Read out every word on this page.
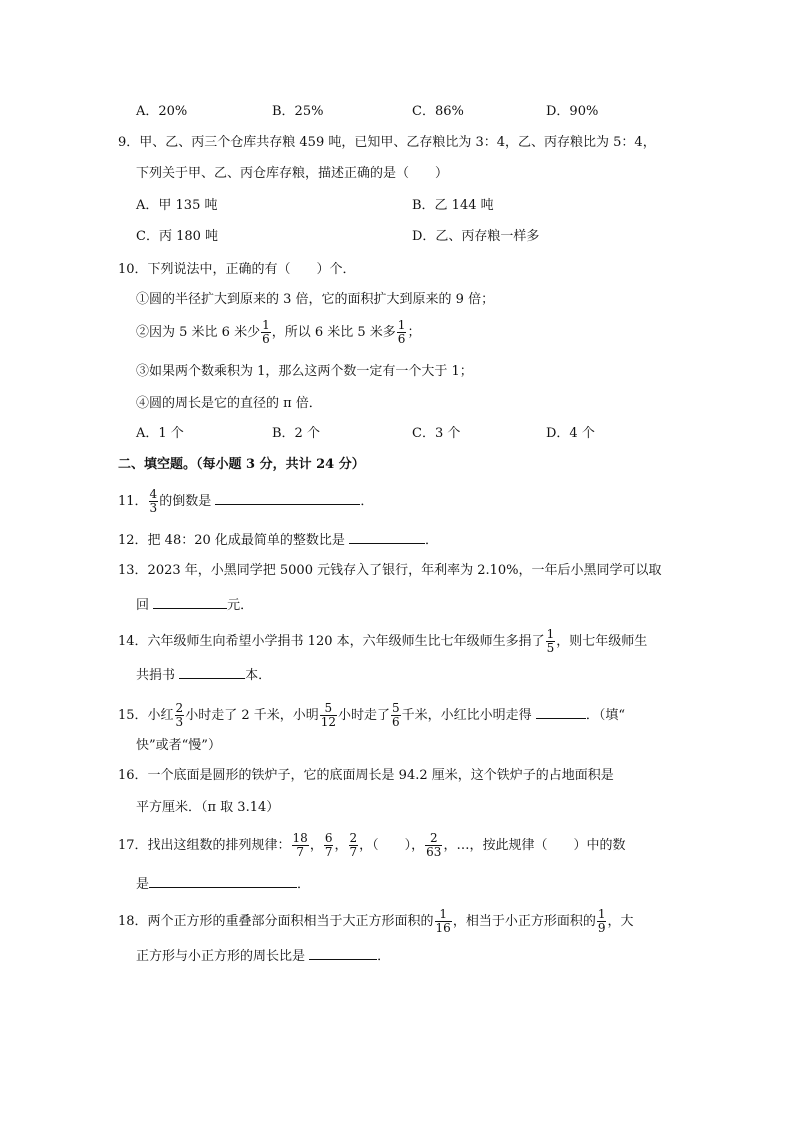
A．20%	B．25%	C．86%	D．90%
9．甲、乙、丙三个仓库共存粮 459 吨，已知甲、乙存粮比为 3：4，乙、丙存粮比为 5：4，
下列关于甲、乙、丙仓库存粮，描述正确的是（　　）
A．甲 135 吨	B．乙 144 吨
C．丙 180 吨	D．乙、丙存粮一样多
10．下列说法中，正确的有（　　）个．
①圆的半径扩大到原来的 3 倍，它的面积扩大到原来的 9 倍；
②因为 5 米比 6 米少 $\frac{1}{6}$ ，所以 6 米比 5 米多 $\frac{1}{6}$ ；
③如果两个数乘积为 1，那么这两个数一定有一个大于 1；
④圆的周长是它的直径的 π 倍．
A．1 个	B．2 个	C．3 个	D．4 个
二、填空题。（每小题 3 分，共计 24 分）
11． $\frac{4}{3}$ 的倒数是	．
12．把 48：20 化成最简单的整数比是	．
13．2023 年，小黑同学把 5000 元钱存入了银行，年利率为 2.10%，一年后小黑同学可以取
回	元．
14．六年级师生向希望小学捐书 120 本，六年级师生比七年级师生多捐了 $\frac{1}{5}$ ，则七年级师生
共捐书	本．
15．小红 $\frac{2}{3}$ 小时走了 2 千米，小明 $\frac{5}{12}$ 小时走了 $\frac{5}{6}$ 千米，小红比小明走得	．（填“
快”或者“慢”）
16．一个底面是圆形的铁炉子，它的底面周长是 94.2 厘米，这个铁炉子的占地面积是
平方厘米．（π 取 3.14）
17．找出这组数的排列规律： $\frac{18}{7}$ ， $\frac{6}{7}$ ， $\frac{2}{7}$ ，（　　）， $\frac{2}{63}$ ，…，按此规律（　　）中的数
是	．
18．两个正方形的重叠部分面积相当于大正方形面积的 $\frac{1}{16}$ ，相当于小正方形面积的 $\frac{1}{9}$ ，大
正方形与小正方形的周长比是	．
